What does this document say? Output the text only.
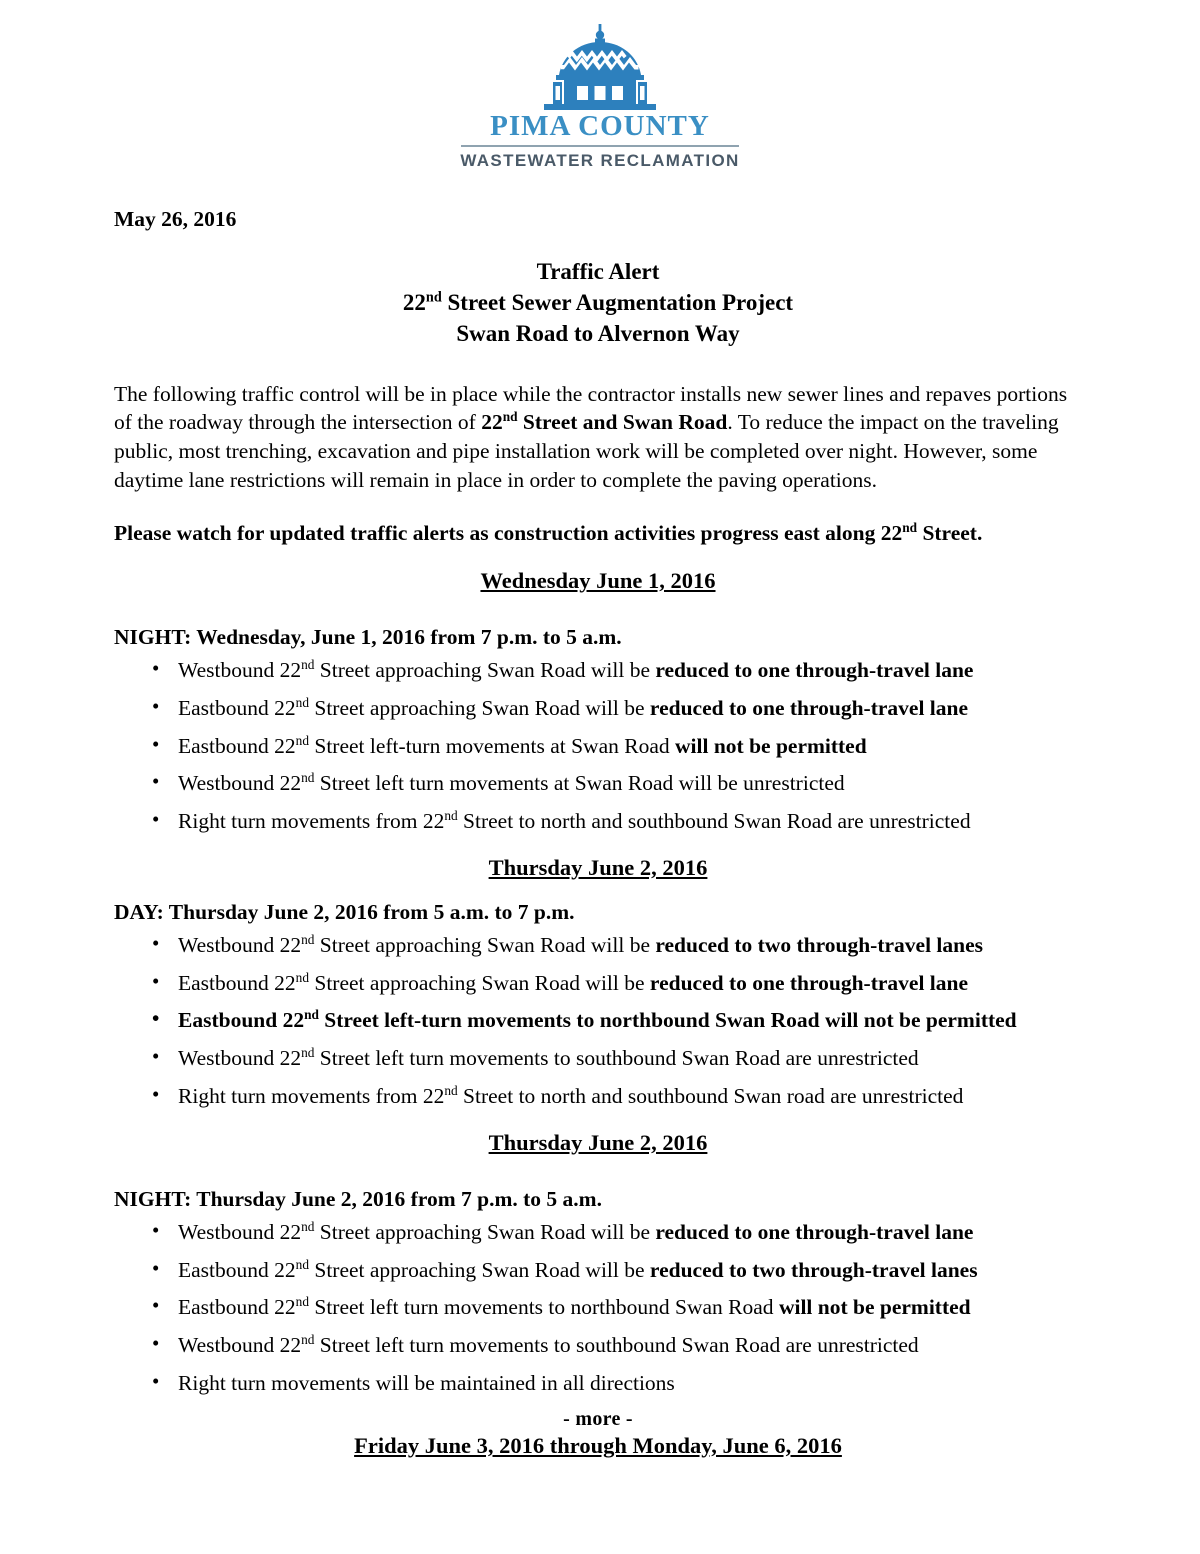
PIMA COUNTY
WASTEWATER RECLAMATION
May 26, 2016
Traffic Alert
22nd Street Sewer Augmentation Project
Swan Road to Alvernon Way

The following traffic control will be in place while the contractor installs new sewer lines and repaves portions of the roadway through the intersection of 22nd Street and Swan Road. To reduce the impact on the traveling public, most trenching, excavation and pipe installation work will be completed over night. However, some daytime lane restrictions will remain in place in order to complete the paving operations.

Please watch for updated traffic alerts as construction activities progress east along 22nd Street.

Wednesday June 1, 2016
NIGHT: Wednesday, June 1, 2016 from 7 p.m. to 5 a.m.
• Westbound 22nd Street approaching Swan Road will be reduced to one through-travel lane
• Eastbound 22nd Street approaching Swan Road will be reduced to one through-travel lane
• Eastbound 22nd Street left-turn movements at Swan Road will not be permitted
• Westbound 22nd Street left turn movements at Swan Road will be unrestricted
• Right turn movements from 22nd Street to north and southbound Swan Road are unrestricted
Thursday June 2, 2016
DAY: Thursday June 2, 2016 from 5 a.m. to 7 p.m.
• Westbound 22nd Street approaching Swan Road will be reduced to two through-travel lanes
• Eastbound 22nd Street approaching Swan Road will be reduced to one through-travel lane
• Eastbound 22nd Street left-turn movements to northbound Swan Road will not be permitted
• Westbound 22nd Street left turn movements to southbound Swan Road are unrestricted
• Right turn movements from 22nd Street to north and southbound Swan road are unrestricted
Thursday June 2, 2016
NIGHT: Thursday June 2, 2016 from 7 p.m. to 5 a.m.
• Westbound 22nd Street approaching Swan Road will be reduced to one through-travel lane
• Eastbound 22nd Street approaching Swan Road will be reduced to two through-travel lanes
• Eastbound 22nd Street left turn movements to northbound Swan Road will not be permitted
• Westbound 22nd Street left turn movements to southbound Swan Road are unrestricted
• Right turn movements will be maintained in all directions
- more -
Friday June 3, 2016 through Monday, June 6, 2016
